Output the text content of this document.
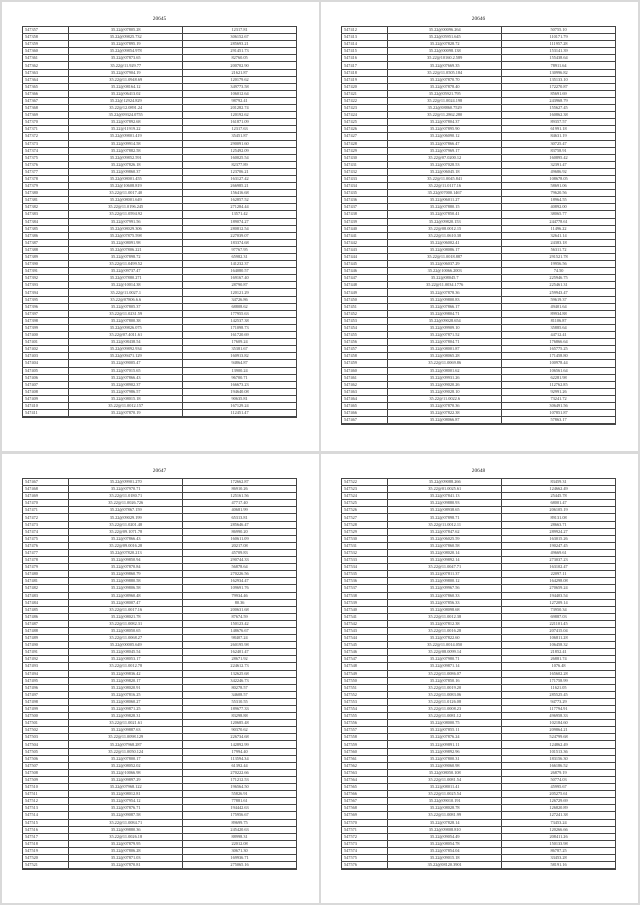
20645
547357	35.22@07805.28	12317.81
547358	35.22@09825.732	306152.67
547359	35.22@07895.19	285693.21
547360	35.22@09854.978	291451.73
547361	35.22@07873.65	82760.05
547362	35.22@11.929.77	200702.90
547363	35.22@07904.19	21621.87
547364	35.22@11.0948.69	120179.62
547365	35.22@08164.12	349773.58
547366	35.22@06413.02	106012.64
547367	35.22@12924.829	98792.41
547368	35.22@12.0891.24	201282.74
547369	35.22@09324.0755	120192.62
547370	35.22@07892.68	161871.09
547371	35.22@11919.22	12317.63
547372	35.22@09801.419	35451.87
547373	35.22@09914.58	290091.60
547374	35.22@07882.58	125492.09
547375	35.22@09852.591	160025.54
547376	35.22@07826.18	82377.89
547377	35.22@09860.37	123706.21
547378	35.22@08001.455	163127.42
547379	35.22@10608.819	266985.21
547380	35.22@11.0017.40	156416.68
547381	35.22@08001.649	162857.52
547382	35.22@11.0196.245	271284.44
547383	35.22@11.0594.92	13571.42
547384	35.22@07991.56	189074.27
547385	35.22@08029.306	280812.54
547386	35.22@07875.598	227039.07
547387	35.22@08091.98	183374.68
547388	35.22@07806.221	97767.95
547389	35.22@07898.72	65982.31
547390	35.22@11.0499.52	141232.37
547391	35.22@09737.47	164080.57
547392	35.22@07880.271	169167.40
547393	35.22@10014.38	28790.87
547394	35.22@11.0027.1	120121.29
547395	35.22@07806.6.6	34726.86
547396	35.22@07805.37	68808.62
547397	35.22@11.0231.59	177955.63
547398	35.22@07800.38	142537.38
547399	35.22@09826.075	171098.73
547400	35.22@07.4011.61	161720.69
547401	35.22@08438.54	17609.24
547402	35.22@09892.934	35381.67
547403	35.22@09471.129	160913.82
547404	35.22@09005.47	94864.87
547405	35.22@07015.65	13900.24
547406	35.22@07866.43	96700.71
547407	35.22@08902.37	166673.23
547408	35.22@07986.57	194640.08
547409	35.22@08015.18	90635.81
547410	35.22@11.0012.157	167129.24
547411	35.22@07870.19	112451.47
20646
547412	35.22@00096.264	50755.10
547413	35.22@05951.645	110171.79
547414	35.22@07828.72	111957.28
547415	35.22@00098.138	153141.39
547416	35.22@10160.2.589	155438.64
547417	35.22@07669.35	78911.64
547418	35.22@11.0505.184	130996.82
547419	35.22@07870.70	135133.10
547420	35.22@07878.40	172270.87
547421	35.22@05921.795	85691.69
547422	35.22@11.0024.198	243968.79
547423	35.22@08860.7529	155627.45
547424	35.22@11.2862.280	160862.38
547425	35.22@07804.37	89357.57
547426	35.22@07895.90	61991.18
547427	35.22@06090.12	84631.19
547428	35.22@07866.47	30725.47
547429	35.22@07969.17	83758.91
547430	35.22@07.0200.12	160895.42
547431	35.22@07028.53	32391.47
547432	35.22@06045.18	49686.92
547433	35.22@11.0045.841	108678.05
547434	35.22@11.0117.16	58691.06
547435	35.22@07000.1467	79620.56
547436	35.22@06011.27	18964.55
547437	35.22@07880.15	40892.00
547438	35.22@07850.41	38065.77
547439	35.22@09820.153	244778.61
547440	35.22@08.0012.15	11496.22
547441	35.22@11.0610.38	32641.14
547442	35.22@06002.41	24383.18
547443	35.22@08086.17	56311.72
547444	35.22@11.0018.887	291521.78
547445	35.22@06037.29	19956.56
547446	35.22@10066.2003	74.50
547447	35.22@08045.7	225946.75
547448	35.22@11.0034.1776	225461.31
547449	35.22@07878.36	259943.47
547450	35.22@09800.83	59619.37
547451	35.22@07866.17	49401.64
547452	35.22@09804.71	89934.88
547453	35.22@09028.654	81106.87
547454	35.22@09909.10	35885.64
547455	35.22@07871.52	44712.41
547456	35.22@07804.71	176866.64
547457	35.22@08001.87	165775.25
547458	35.22@08065.28	171458.80
547459	35.22@11.0069.86	100978.44
547460	35.22@08001.62	106561.64
547461	35.22@09931.26	62281.98
547462	35.22@09020.26	112762.85
547463	35.22@09028.10	92991.26
547464	35.22@11.0022.6	73241.72
547465	35.22@07870.36	306491.56
547466	35.22@07822.38	107851.87
547467	35.22@08066.87	57863.17
20647
547467	35.22@09901.270	172662.87
547468	35.22@07970.71	86910.26
547469	35.22@11.0180.71	125161.56
547470	35.22@11.0026.726	47717.40
547471	35.22@07867.159	40681.99
547472	35.22@09029.199	65313.81
547473	35.22@11.0201.48	285646.47
547474	35.22@09.1071.78	86990.20
547475	35.22@07866.43	160611.09
547476	35.22@09.0016.28	20217.08
547477	35.22@07820.213	45709.83
547478	35.22@09850.94	290744.33
547479	35.22@07870.84	56878.64
547480	35.22@09860.79	270226.56
547481	35.22@09880.58	162934.47
547482	35.22@09806.58	109691.76
547483	35.22@08960.48	79934.46
547484	35.22@08007.47	80.36
547485	35.22@11.0017.16	200631.68
547486	35.22@08021.78	87674.59
547487	35.22@11.0082.31	150123.42
547488	35.22@08050.65	148676.67
547489	35.22@11.0068.27	98407.24
547490	35.22@00005.649	260195.98
547491	35.22@08045.54	162401.47
547492	35.22@08053.17	28671.92
547493	35.22@11.0012.78	224612.73
547494	35.22@09836.42	132625.68
547495	35.22@09820.17	342246.73
547496	35.22@08020.91	80278.57
547497	35.22@07816.25	34608.57
547498	35.22@08060.27	55310.55
547499	35.22@09871.25	189677.33
547500	35.22@09828.31	83298.88
547501	35.22@11.0021.61	120685.48
547502	35.22@09887.63	90370.62
547503	35.22@11.0098.129	226734.68
547504	35.22@07968.287	142892.99
547505	35.22@11.0050.124	17994.40
547506	35.22@07800.17	113594.34
547507	35.22@08052.02	61392.44
547508	35.22@10066.98	270222.66
547509	35.22@09897.29	171212.53
547510	35.22@07968.122	196564.50
547511	35.22@08012.81	55826.91
547512	35.22@07954.12	77881.61
547513	35.22@07876.71	194442.63
547514	35.22@09087.58	175956.67
547515	35.22@11.0084.71	89699.75
547516	35.22@09880.36	245420.63
547517	35.22@11.0026.18	88998.31
547518	35.22@07879.95	22012.08
547519	35.22@07806.28	30671.30
547520	35.22@07871.03	169936.71
547521	35.22@07870.81	275065.16
20648
547522	35.22@09088.266	83459.31
547523	35.22@01.0025.61	124662.49
547524	35.22@07841.13	25445.78
547525	35.22@09880.93	68001.47
547526	35.22@08938.65	206105.19
547527	35.22@07898.71	89131.08
547528	35.22@11.0012.11	28663.71
547529	35.22@07847.62	289924.27
547530	35.22@06025.59	163015.26
547531	35.22@07860.58	190247.45
547532	35.22@08020.14	49669.61
547533	35.22@09892.14	273037.23
547534	35.22@11.0047.71	163102.47
547535	35.22@07811.37	22097.11
547536	35.22@09800.12	164298.08
547537	35.22@09967.56	270659.24
547538	35.22@07860.33	194403.54
547539	35.22@07856.33	127209.14
547540	35.22@08098.68	73950.34
547541	35.22@11.0012.38	69887.03
547542	35.22@07812.38	221101.45
547543	35.22@11.0016.28	207415.04
547544	35.22@07822.60	106811.28
547545	35.22@11.0014.050	106458.32
547546	35.22@08.0099.14	21852.41
547547	35.22@07980.71	26881.74
547548	35.22@09871.14	1076.48
547549	35.22@11.0086.07	165602.28
547550	35.22@07850.16	171758.99
547551	35.22@11.0019.20	11621.05
547552	35.22@11.0083.06	285525.45
547553	35.22@11.0126.08	94773.29
547554	35.22@11.0008.23	117794.91
547555	35.22@11.0081.12	496958.33
547556	35.22@08000.75	102184.60
547557	35.22@07855.11	209864.21
547558	35.22@07876.24	524799.68
547559	35.22@09891.11	124862.49
547560	35.22@09892.96	101513.36
547561	35.22@07800.31	183156.30
547562	35.22@09060.98	166186.52
547563	35.22@08050.108	26879.19
547564	35.22@11.0081.54	50774.03
547565	35.22@08011.41	45995.67
547566	35.22@11.0025.54	205275.61
547567	35.22@09010.191	126729.69
547568	35.22@08028.78	126820.89
547569	35.22@11.0081.99	127241.38
547570	35.22@07828.14	73453.24
547571	35.22@09808.810	120266.66
547572	35.22@09054.49	208411.26
547573	35.22@08054.78	150133.98
547574	35.22@07854.04	86787.25
547575	35.22@09015.18	33453.28
547576	35.22@08120.3901	58191.16
